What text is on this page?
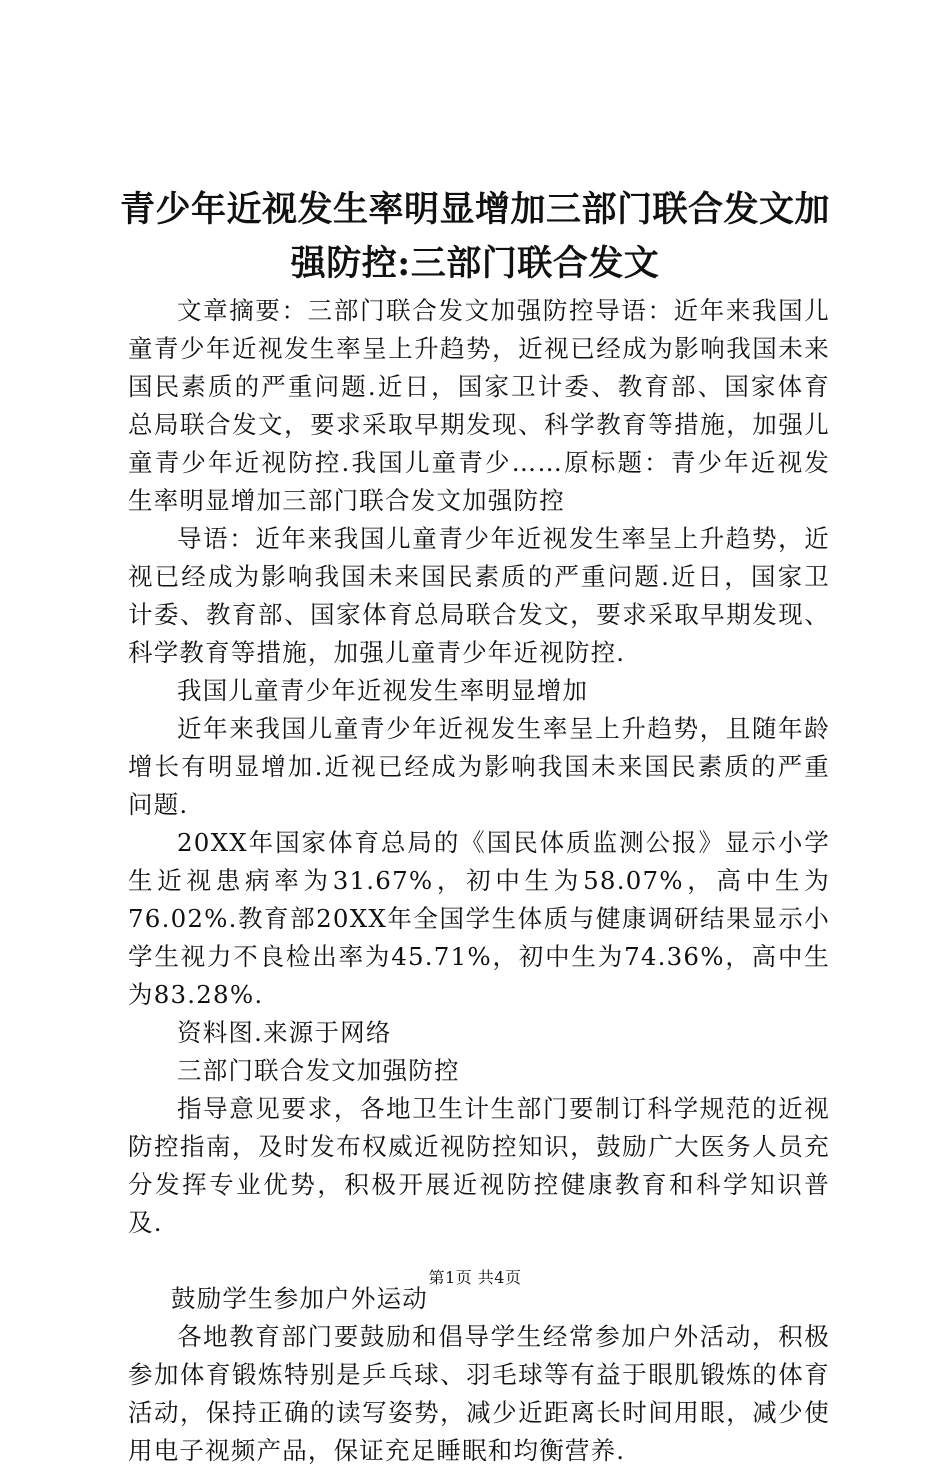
青少年近视发生率明显增加三部门联合发文加强防控:三部门联合发文

文章摘要：三部门联合发文加强防控导语：近年来我国儿童青少年近视发生率呈上升趋势，近视已经成为影响我国未来国民素质的严重问题.近日，国家卫计委、教育部、国家体育总局联合发文，要求采取早期发现、科学教育等措施，加强儿童青少年近视防控.我国儿童青少……原标题：青少年近视发生率明显增加三部门联合发文加强防控

导语：近年来我国儿童青少年近视发生率呈上升趋势，近视已经成为影响我国未来国民素质的严重问题.近日，国家卫计委、教育部、国家体育总局联合发文，要求采取早期发现、科学教育等措施，加强儿童青少年近视防控.

我国儿童青少年近视发生率明显增加

近年来我国儿童青少年近视发生率呈上升趋势，且随年龄增长有明显增加.近视已经成为影响我国未来国民素质的严重问题.

20XX年国家体育总局的《国民体质监测公报》显示小学生近视患病率为31.67%，初中生为58.07%，高中生为76.02%.教育部20XX年全国学生体质与健康调研结果显示小学生视力不良检出率为45.71%，初中生为74.36%，高中生为83.28%.

资料图.来源于网络

三部门联合发文加强防控

指导意见要求，各地卫生计生部门要制订科学规范的近视防控指南，及时发布权威近视防控知识，鼓励广大医务人员充分发挥专业优势，积极开展近视防控健康教育和科学知识普及.

鼓励学生参加户外运动

各地教育部门要鼓励和倡导学生经常参加户外活动，积极参加体育锻炼特别是乒乓球、羽毛球等有益于眼肌锻炼的体育活动，保持正确的读写姿势，减少近距离长时间用眼，减少使用电子视频产品，保证充足睡眠和均衡营养.

第1页 共4页
